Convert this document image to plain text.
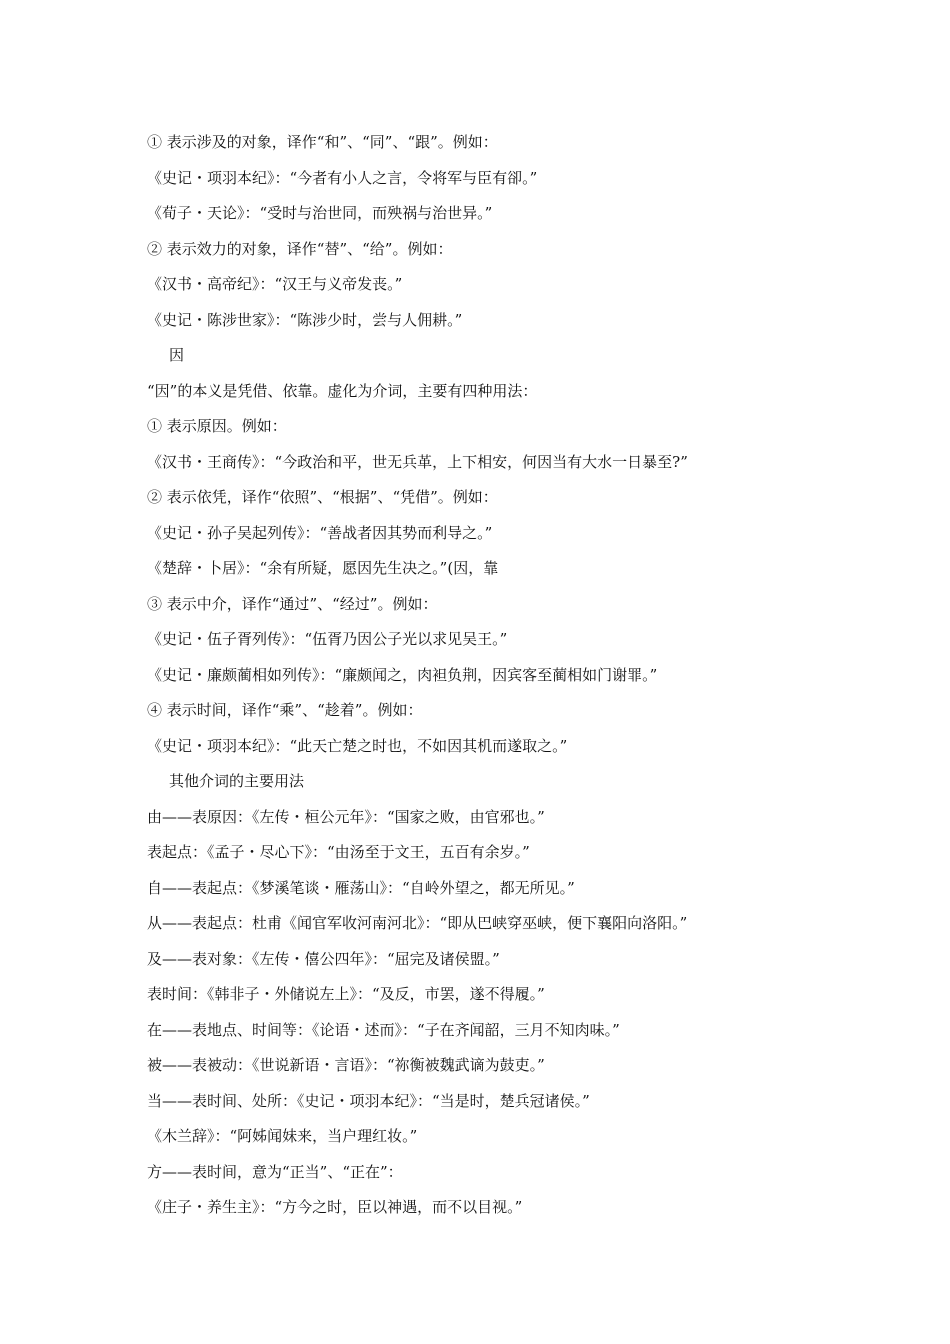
① 表示涉及的对象，译作“和”、“同”、“跟”。例如：
《史记・项羽本纪》：“今者有小人之言，令将军与臣有卻。”
《荀子・天论》：“受时与治世同，而殃祸与治世异。”
② 表示效力的对象，译作“替”、“给”。例如：
《汉书・高帝纪》：“汉王与义帝发丧。”
《史记・陈涉世家》：“陈涉少时，尝与人佣耕。”
因
“因”的本义是凭借、依靠。虚化为介词，主要有四种用法：
① 表示原因。例如：
《汉书・王商传》：“今政治和平，世无兵革，上下相安，何因当有大水一日暴至?”
② 表示依凭，译作“依照”、“根据”、“凭借”。例如：
《史记・孙子吴起列传》：“善战者因其势而利导之。”
《楚辞・卜居》：“余有所疑，愿因先生决之。”(因，靠
③ 表示中介，译作“通过”、“经过”。例如：
《史记・伍子胥列传》：“伍胥乃因公子光以求见吴王。”
《史记・廉颇蔺相如列传》：“廉颇闻之，肉袒负荆，因宾客至蔺相如门谢罪。”
④ 表示时间，译作“乘”、“趁着”。例如：
《史记・项羽本纪》：“此天亡楚之时也，不如因其机而遂取之。”
其他介词的主要用法
由——表原因：《左传・桓公元年》：“国家之败，由官邪也。”
表起点：《孟子・尽心下》：“由汤至于文王，五百有余岁。”
自——表起点：《梦溪笔谈・雁荡山》：“自岭外望之，都无所见。”
从——表起点：杜甫《闻官军收河南河北》：“即从巴峡穿巫峡，便下襄阳向洛阳。”
及——表对象：《左传・僖公四年》：“屈完及诸侯盟。”
表时间：《韩非子・外储说左上》：“及反，市罢，遂不得履。”
在——表地点、时间等：《论语・述而》：“子在齐闻韶，三月不知肉味。”
被——表被动：《世说新语・言语》：“祢衡被魏武谪为鼓吏。”
当——表时间、处所：《史记・项羽本纪》：“当是时，楚兵冠诸侯。”
《木兰辞》：“阿姊闻妹来，当户理红妆。”
方——表时间，意为“正当”、“正在”：
《庄子・养生主》：“方今之时，臣以神遇，而不以目视。”
